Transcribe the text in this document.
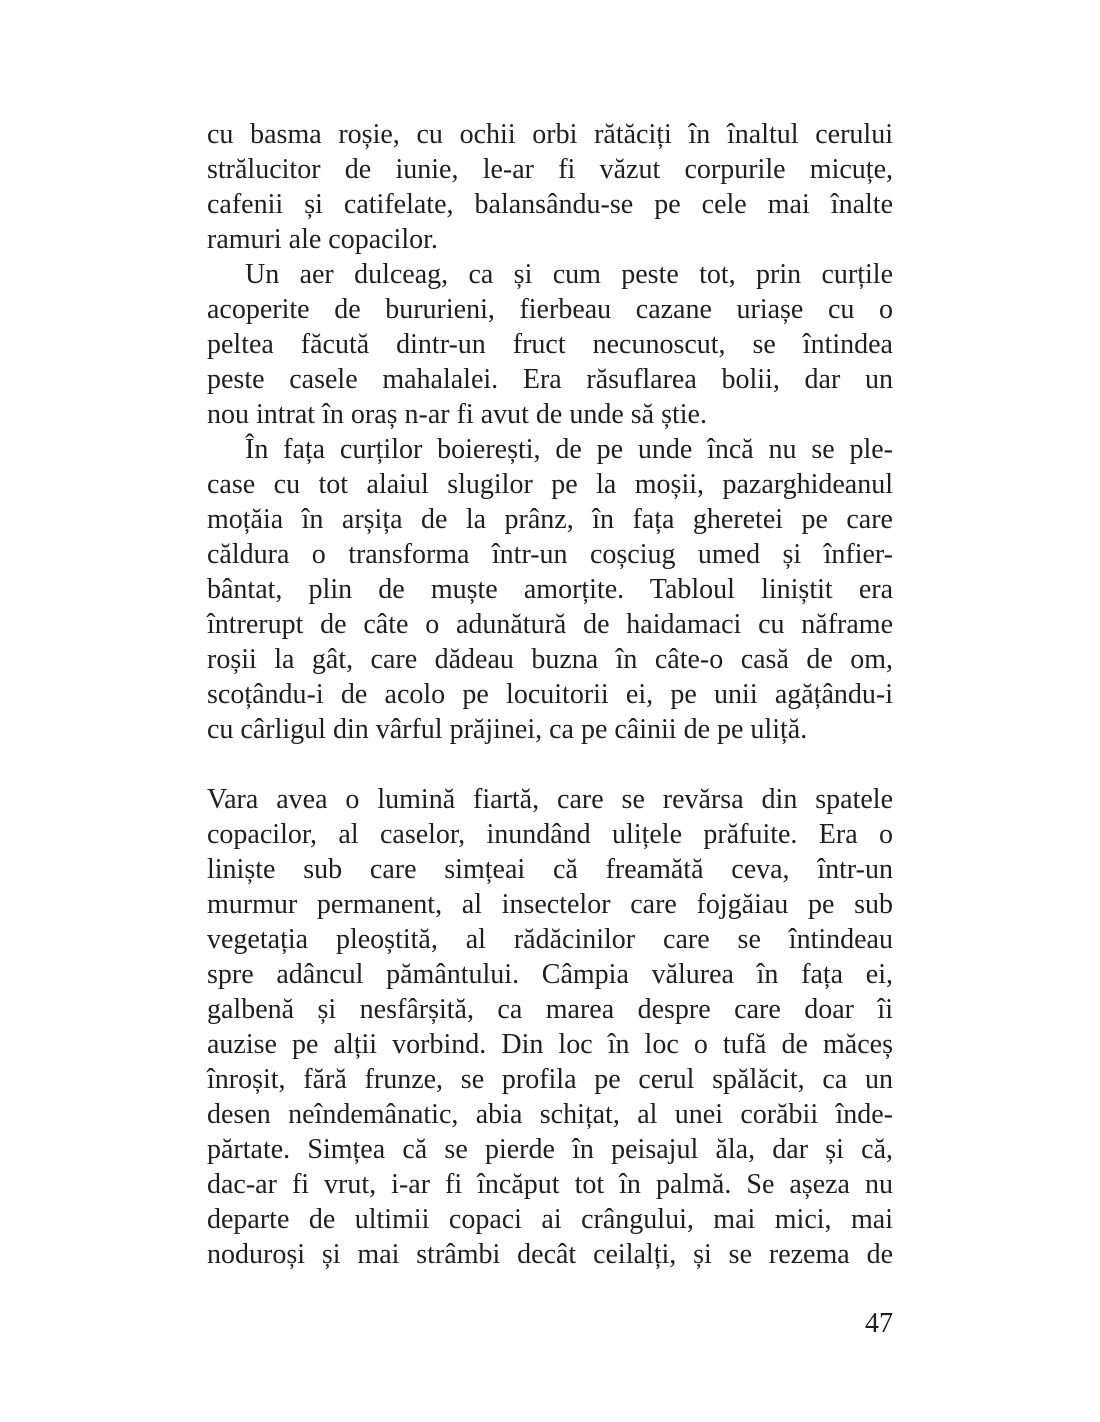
cu basma roșie, cu ochii orbi rătăciți în înaltul cerului
strălucitor de iunie, le-ar fi văzut corpurile micuțe,
cafenii și catifelate, balansându-se pe cele mai înalte
ramuri ale copacilor.

Un aer dulceag, ca și cum peste tot, prin curțile
acoperite de bururieni, fierbeau cazane uriașe cu o
peltea făcută dintr-un fruct necunoscut, se întindea
peste casele mahalalei. Era răsuflarea bolii, dar un
nou intrat în oraș n-ar fi avut de unde să știe.

În fața curților boierești, de pe unde încă nu se ple-
case cu tot alaiul slugilor pe la moșii, pazarghideanul
moțăia în arșița de la prânz, în fața gheretei pe care
căldura o transforma într-un coșciug umed și înfier-
bântat, plin de muște amorțite. Tabloul liniștit era
întrerupt de câte o adunătură de haidamaci cu năframe
roșii la gât, care dădeau buzna în câte-o casă de om,
scoțându-i de acolo pe locuitorii ei, pe unii agățându-i
cu cârligul din vârful prăjinei, ca pe câinii de pe uliță.

Vara avea o lumină fiartă, care se revărsa din spatele
copacilor, al caselor, inundând ulițele prăfuite. Era o
liniște sub care simțeai că freamătă ceva, într-un
murmur permanent, al insectelor care fojgăiau pe sub
vegetația pleoștită, al rădăcinilor care se întindeau
spre adâncul pământului. Câmpia vălurea în fața ei,
galbenă și nesfârșită, ca marea despre care doar îi
auzise pe alții vorbind. Din loc în loc o tufă de măceș
înroșit, fără frunze, se profila pe cerul spălăcit, ca un
desen neîndemânatic, abia schițat, al unei corăbii înde-
părtate. Simțea că se pierde în peisajul ăla, dar și că,
dac-ar fi vrut, i-ar fi încăput tot în palmă. Se așeza nu
departe de ultimii copaci ai crângului, mai mici, mai
noduroși și mai strâmbi decât ceilalți, și se rezema de

47
